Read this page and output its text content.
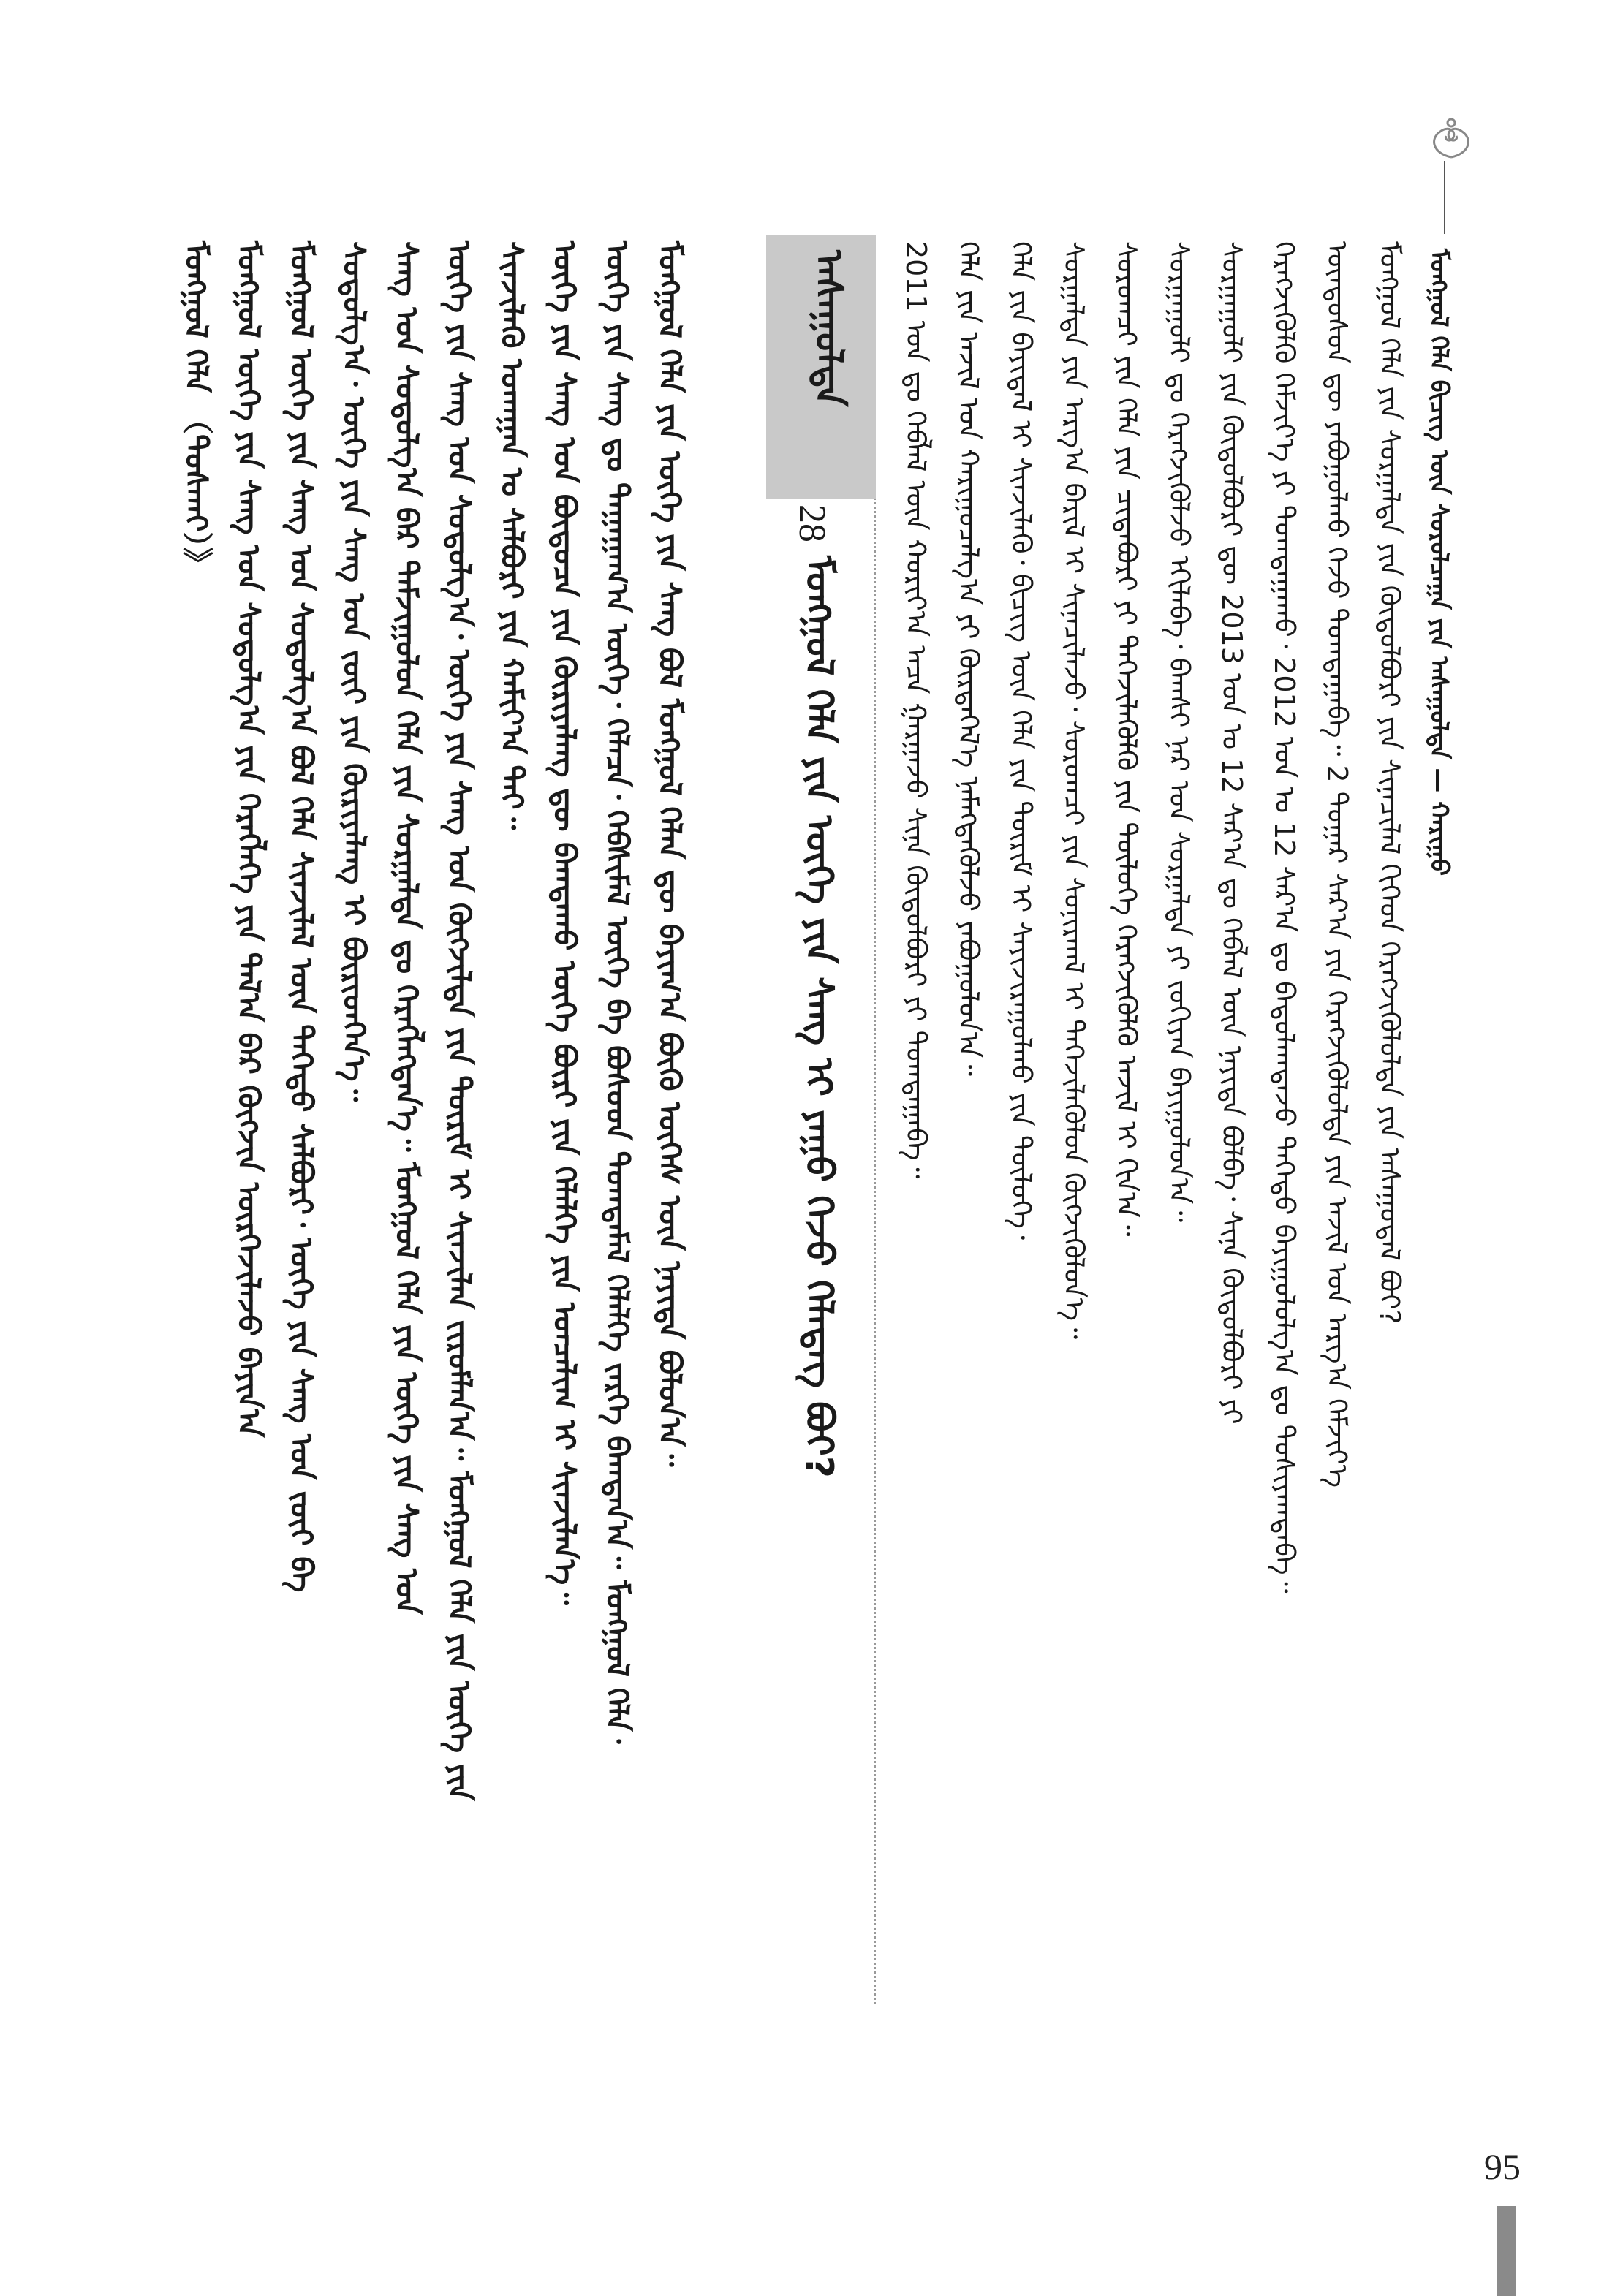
ᠮᠣᠩᠭᠣᠯ ᠬᠡᠯᠡ ᠪᠢᠴᠢᠭ ᠦᠨ ᠰᠤᠷᠤᠯᠴᠠᠭᠠ ᠶᠢᠨ ᠠᠰᠠᠭᠤᠯᠲᠠ — ᠬᠠᠷᠢᠭᠤ
ᠮᠣᠩᠭᠣᠯ ᠬᠡᠯᠡ ᠶᠢᠨ ᠰᠤᠷᠭᠠᠯᠲᠠ ᠶᠢᠨ ᠬᠥᠲᠦᠯᠪᠦᠷᠢ ᠶᠢᠨ ᠰᠢᠨᠡᠴᠢᠯᠡᠯ ᠬᠢᠭᠡᠳ ᠬᠡᠷᠡᠭᠵᠢᠭᠦᠯᠦᠯᠲᠡ ᠶᠢᠨ ᠠᠰᠠᠭᠤᠳᠠᠯ ᠪᠤᠢ?
ᠦᠨᠳᠦᠰᠦᠨ ᠳᠦ ᠶᠠᠪᠤᠭᠤᠯᠬᠤ ᠭᠡᠵᠦ ᠲᠣᠭᠲᠠᠭᠠᠪᠠ᠃ 2 ᠳᠤᠭᠠᠷ ᠰᠠᠷ᠎ᠠ ᠶᠢᠨ ᠬᠡᠷᠡᠭᠵᠢᠭᠦᠯᠦᠯᠲᠡ ᠶᠢᠨ ᠠᠵᠢᠯ ᠤᠨ ᠠᠷᠭ᠎ᠠ ᠬᠡᠮᠵᠢᠶ᠎ᠡ
ᠬᠡᠷᠡᠭᠵᠢᠭᠦᠯᠬᠦ ᠬᠡᠮᠵᠢᠶ᠎ᠡ ᠶᠢ ᠲᠣᠭᠲᠠᠭᠠᠬᠤ᠂ 2012 ᠣᠨ ᠤ 12 ᠰᠠᠷ᠎ᠠ ᠳᠤ ᠪᠠᠲᠤᠯᠠᠭᠳᠠᠵᠤ ᠳᠡᠭᠡᠳᠦ ᠪᠠᠶᠢᠭᠤᠯᠤᠯᠭ᠎ᠠ ᠳᠤ ᠲᠤᠰᠢᠶᠠᠭᠳᠠᠪᠠ᠃
ᠰᠤᠷᠭᠠᠭᠤᠯᠢ ᠶᠢᠨ ᠬᠥᠲᠦᠯᠪᠦᠷᠢ ᠳᠦ 2013 ᠣᠨ ᠤ 12 ᠰᠠᠷ᠎ᠠ ᠳᠤ ᠬᠡᠪᠯᠡᠯ ᠦᠨ ᠨᠡᠶᠢᠲᠡ ᠪᠣᠯᠪᠠ᠂ ᠰᠢᠨᠡ ᠬᠥᠲᠦᠯᠪᠦᠷᠢ ᠶᠢ
ᠰᠤᠷᠭᠠᠭᠤᠯᠢ ᠳᠤ ᠬᠡᠷᠡᠭᠵᠢᠭᠦᠯᠵᠦ ᠡᠬᠢᠯᠡᠪᠡ᠂ ᠪᠠᠭᠰᠢ ᠨᠠᠷ ᠤᠨ ᠰᠤᠷᠭᠠᠯᠲᠠ ᠶᠢ ᠵᠣᠬᠢᠶᠠᠨ ᠪᠠᠶᠢᠭᠤᠯᠤᠨ᠎ᠠ᠃
ᠰᠤᠷᠤᠭᠴᠢ ᠶᠢᠨ ᠬᠡᠯᠡ ᠶᠢᠨ ᠴᠢᠳᠠᠪᠤᠷᠢ ᠶᠢ ᠳᠡᠭᠡᠵᠢᠯᠡᠭᠦᠯᠬᠦ ᠶᠢᠨ ᠲᠥᠯᠦᠭᠡ ᠬᠡᠷᠡᠭᠵᠢᠭᠦᠯᠬᠦ ᠠᠵᠢᠯ ᠢ ᠬᠢᠨ᠎ᠠ᠃
ᠰᠤᠷᠭᠠᠯᠲᠠ ᠶᠢᠨ ᠠᠷᠭ᠎ᠠ ᠪᠠᠷᠢᠯ ᠢ ᠰᠢᠨᠡᠴᠢᠯᠡᠵᠦ᠂ ᠰᠤᠷᠤᠭᠴᠢ ᠶᠢᠨ ᠰᠣᠨᠢᠷᠬᠠᠯ ᠢ ᠳᠡᠭᠡᠵᠢᠯᠡᠭᠦᠯᠦᠨ ᠬᠥᠭᠵᠢᠭᠦᠯᠦᠨ᠎ᠡ᠃
ᠬᠡᠯᠡ ᠶᠢᠨ ᠪᠠᠶᠢᠳᠠᠯ ᠢ ᠰᠢᠨᠵᠢᠯᠡᠬᠦ᠂ ᠪᠢᠴᠢᠭ ᠦᠨ ᠬᠡᠯᠡ ᠶᠢᠨ ᠳᠦᠷᠢᠮ ᠢ ᠰᠠᠶᠢᠵᠢᠷᠠᠭᠤᠯᠬᠤ ᠶᠢᠨ ᠲᠥᠯᠦᠭᠡ᠂
ᠬᠡᠯᠡ ᠶᠢᠨ ᠠᠵᠢᠯ ᠤᠨ ᠬᠠᠷᠢᠭᠤᠴᠠᠯᠭ᠎ᠠ ᠶᠢ ᠬᠦᠷᠳᠡᠭᠡᠯ᠎ᠡ ᠨᠡᠮᠡᠭᠳᠡᠭᠦᠯᠵᠦ ᠶᠠᠪᠤᠭᠤᠯᠤᠨ᠎ᠠ᠃
2011 ᠣᠨ ᠳᠤ ᠬᠡᠪᠯᠡᠯ ᠦᠨ ᠬᠣᠷᠢᠶ᠎ᠠ ᠠᠴᠠ ᠭᠠᠷᠭᠠᠵᠤ ᠰᠢᠨᠡ ᠬᠥᠲᠦᠯᠪᠦᠷᠢ ᠶᠢ ᠲᠣᠭᠲᠠᠭᠠᠪᠠ᠃
ᠠᠰᠠᠭᠤᠯᠲᠠ
28
ᠮᠣᠩᠭᠣᠯ ᠬᠡᠯᠡ ᠶᠢᠨ ᠦᠭᠡ ᠶᠢᠨ ᠰᠠᠩ ᠢ ᠶᠠᠭᠤ ᠭᠡᠵᠦ ᠬᠡᠯᠡᠳᠡᠭ ᠪᠤᠢ?
ᠮᠣᠩᠭᠣᠯ ᠬᠡᠯᠡ ᠶᠢᠨ ᠦᠭᠡ ᠶᠢᠨ ᠰᠠᠩ ᠪᠣᠯ ᠮᠣᠩᠭᠣᠯ ᠬᠡᠯᠡᠨ ᠳᠦ ᠪᠠᠶᠢᠭ᠎ᠠ ᠪᠦᠬᠦ ᠦᠭᠡᠰ ᠦᠨ ᠨᠡᠶᠢᠲᠡ ᠪᠣᠯᠤᠨ᠎ᠠ᠃
ᠦᠭᠡ ᠶᠢᠨ ᠰᠠᠩ ᠳᠤ ᠳᠠᠭᠠᠭᠠᠭ᠎ᠠ ᠦᠭᠡ᠂ ᠬᠡᠯᠡᠴᠡ᠂ ᠬᠡᠪᠰᠢᠮᠡᠯ ᠦᠭᠡ ᠪᠠ ᠪᠤᠰᠤᠳ ᠲᠣᠭᠲᠠᠮᠠᠯ ᠬᠡᠯᠡᠯᠭᠡ ᠵᠡᠷᠭᠡ ᠪᠠᠭᠲᠠᠨ᠎ᠠ᠃ ᠮᠣᠩᠭᠣᠯ ᠬᠡᠯᠡ᠂
ᠦᠭᠡ ᠶᠢᠨ ᠰᠠᠩ ᠤᠨ ᠪᠦᠲᠦᠴᠡ ᠶᠢᠨ ᠬᠦᠷᠢᠶᠡᠯᠡᠩ ᠳᠦ ᠪᠠᠭᠲᠠᠬᠤ ᠦᠭᠡ ᠪᠦᠷᠢ ᠶᠢᠨ ᠬᠡᠯᠡᠯᠭᠡ ᠶᠢᠨ ᠣᠨᠴᠠᠯᠢᠭ ᠢ ᠰᠢᠨᠵᠢᠯᠡᠨ᠎ᠡ᠃
ᠰᠢᠨᠵᠢᠯᠡᠬᠦ ᠤᠬᠠᠭᠠᠨ ᠤ ᠰᠠᠯᠪᠤᠷᠢ ᠶᠢᠨ ᠬᠠᠮᠢᠶ᠎ᠠ ᠲᠠᠢ᠃
ᠦᠭᠡ ᠶᠢᠨ ᠰᠠᠩ ᠤᠨ ᠰᠤᠳᠤᠯᠭ᠎ᠠ᠂ ᠦᠭᠡ ᠶᠢᠨ ᠰᠠᠩ ᠤᠨ ᠬᠥᠭᠵᠢᠯᠲᠡ ᠶᠢᠨ ᠳᠦᠷᠢᠮ ᠢ ᠰᠢᠨᠵᠢᠯᠡᠨ ᠵᠢᠷᠤᠮᠯᠠᠨ᠎ᠠ᠃ ᠮᠣᠩᠭᠣᠯ ᠬᠡᠯᠡ ᠶᠢᠨ ᠦᠭᠡ ᠶᠢᠨ
ᠰᠠᠩ ᠤᠨ ᠰᠤᠳᠤᠯᠭ᠎ᠠ ᠪᠠᠷ ᠳᠠᠮᠵᠢᠭᠤᠯᠤᠨ ᠬᠡᠯᠡ ᠶᠢᠨ ᠰᠤᠷᠭᠠᠯᠲᠠ ᠳᠤ ᠬᠡᠷᠡᠭᠯᠡᠭᠳᠡᠨ᠎ᠡ᠃ ᠮᠣᠩᠭᠣᠯ ᠬᠡᠯᠡ ᠶᠢᠨ ᠦᠭᠡ ᠶᠢᠨ ᠰᠠᠩ ᠤᠨ
ᠰᠤᠳᠤᠯᠭ᠎ᠠ᠂ ᠦᠭᠡ ᠶᠢᠨ ᠰᠠᠩ ᠤᠨ ᠵᠦᠢ ᠶᠢᠨ ᠬᠦᠷᠢᠶᠡᠯᠡᠩ ᠢ ᠪᠦᠷᠢᠳᠭᠡᠨ᠎ᠡ᠃
ᠮᠣᠩᠭᠣᠯ ᠦᠭᠡ ᠶᠢᠨ ᠰᠠᠩ ᠤᠨ ᠰᠤᠳᠤᠯᠭ᠎ᠠ ᠪᠣᠯ ᠬᠡᠯᠡ ᠰᠢᠨᠵᠢᠯᠡᠯ ᠦᠨ ᠳᠡᠭᠡᠳᠦ ᠰᠠᠯᠪᠤᠷᠢ᠂ ᠦᠭᠡ ᠶᠢᠨ ᠰᠠᠩ ᠤᠨ ᠵᠦᠢ ᠪᠠ
ᠮᠣᠩᠭᠣᠯ ᠦᠭᠡ ᠶᠢᠨ ᠰᠠᠩ ᠤᠨ ᠰᠤᠳᠤᠯᠭ᠎ᠠ ᠶᠢᠨ ᠬᠡᠷᠡᠭᠯᠡᠭᠡ ᠶᠢᠨ ᠲᠠᠯ᠎ᠠ ᠪᠠᠷ ᠬᠥᠭᠵᠢᠨ ᠦᠷᠭᠡᠵᠢᠯᠡᠵᠦ ᠪᠠᠶᠢᠨ᠎ᠠ
ᠮᠣᠩᠭᠣᠯ ᠬᠡᠯᠡ （ᠲᠤᠰᠬᠠᠢ）》
95
